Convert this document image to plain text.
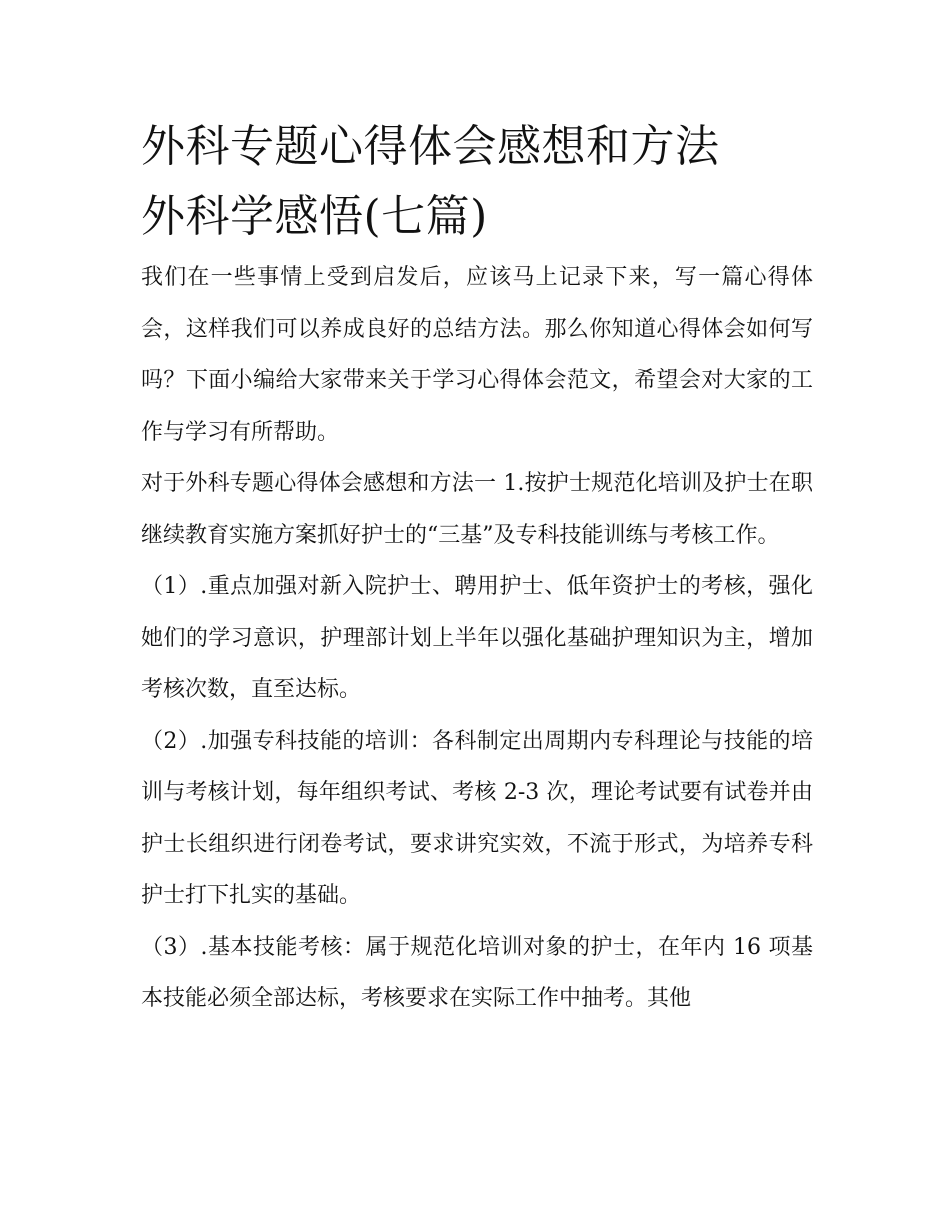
外科专题心得体会感想和方法
外科学感悟(七篇)

我们在一些事情上受到启发后，应该马上记录下来，写一篇心得体会，这样我们可以养成良好的总结方法。那么你知道心得体会如何写吗？下面小编给大家带来关于学习心得体会范文，希望会对大家的工作与学习有所帮助。

对于外科专题心得体会感想和方法一 1.按护士规范化培训及护士在职继续教育实施方案抓好护士的“三基”及专科技能训练与考核工作。

（1）.重点加强对新入院护士、聘用护士、低年资护士的考核，强化她们的学习意识，护理部计划上半年以强化基础护理知识为主，增加考核次数，直至达标。

（2）.加强专科技能的培训：各科制定出周期内专科理论与技能的培训与考核计划，每年组织考试、考核 2-3 次，理论考试要有试卷并由护士长组织进行闭卷考试，要求讲究实效，不流于形式，为培养专科护士打下扎实的基础。

（3）.基本技能考核：属于规范化培训对象的护士，在年内 16 项基本技能必须全部达标，考核要求在实际工作中抽考。其他
